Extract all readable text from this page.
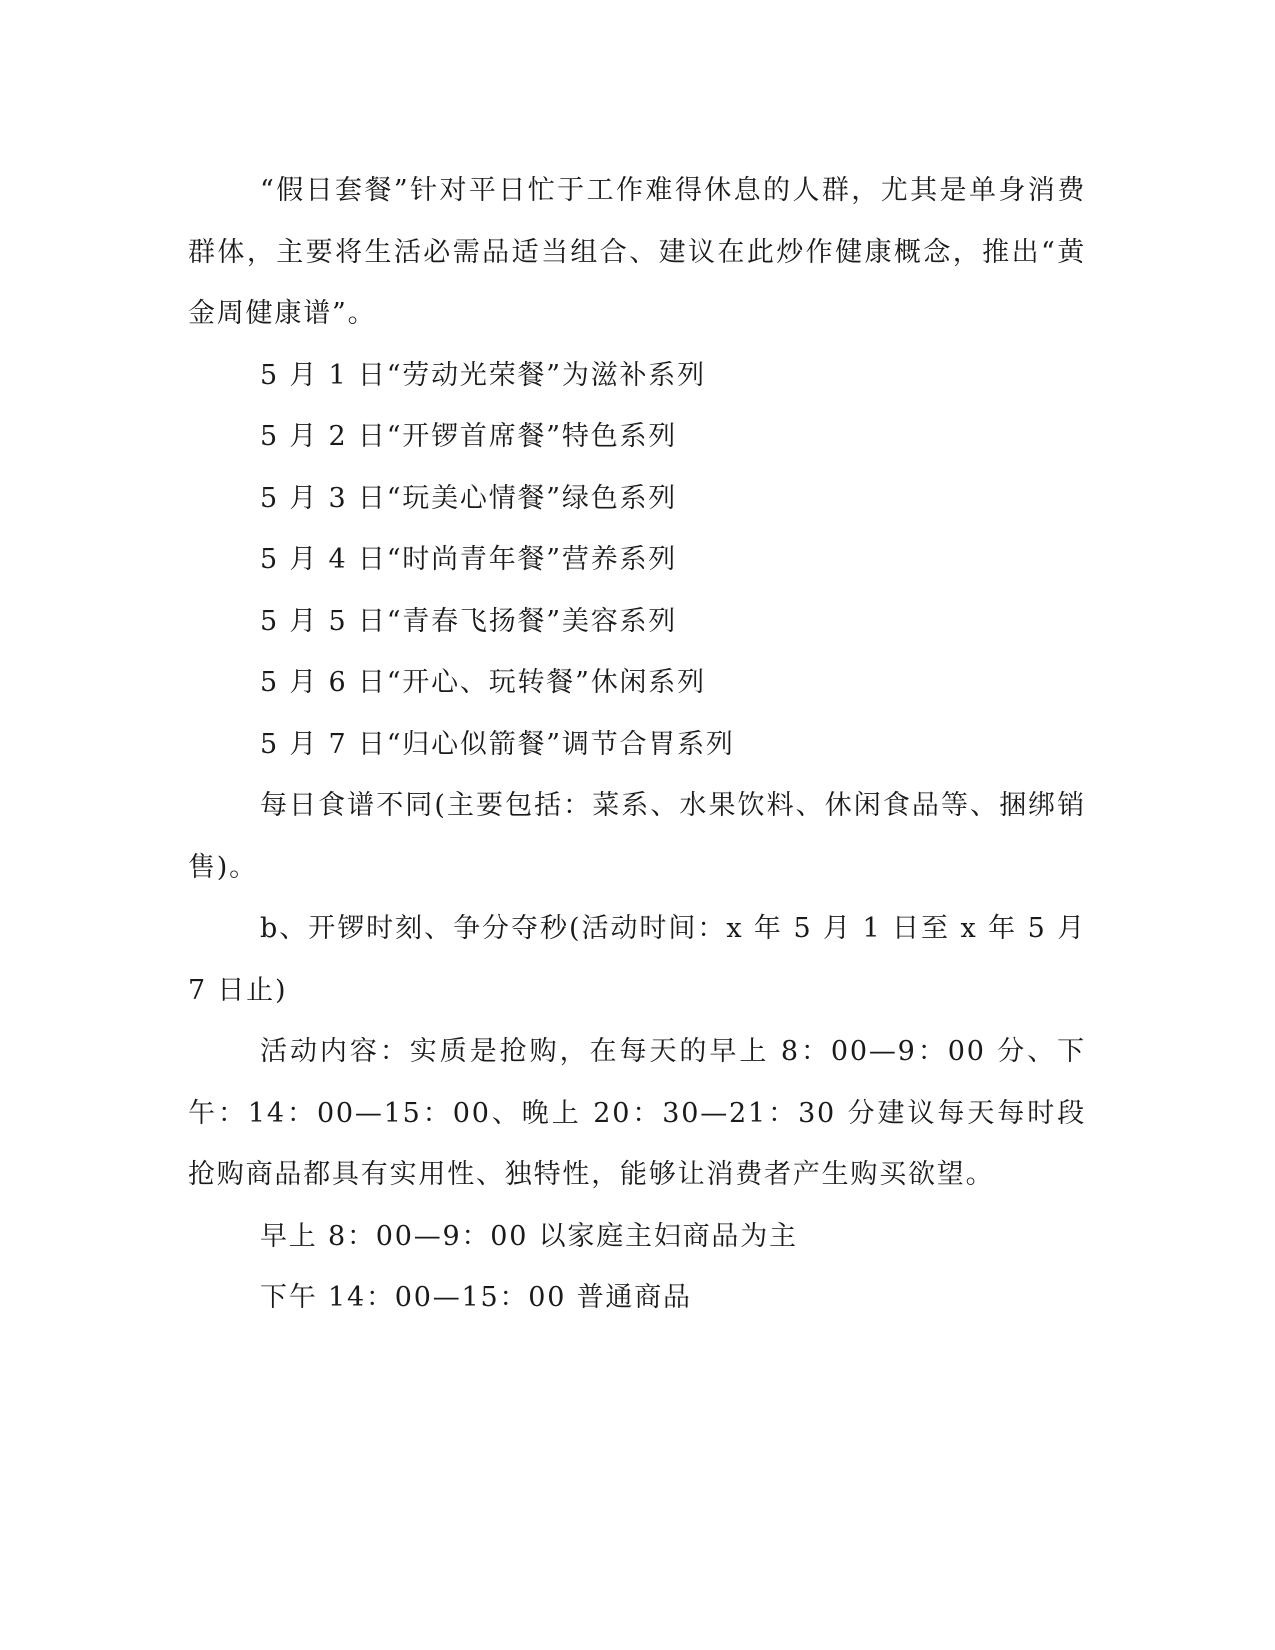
“假日套餐”针对平日忙于工作难得休息的人群，尤其是单身消费群体，主要将生活必需品适当组合、建议在此炒作健康概念，推出“黄金周健康谱”。

5 月 1 日“劳动光荣餐”为滋补系列

5 月 2 日“开锣首席餐”特色系列

5 月 3 日“玩美心情餐”绿色系列

5 月 4 日“时尚青年餐”营养系列

5 月 5 日“青春飞扬餐”美容系列

5 月 6 日“开心、玩转餐”休闲系列

5 月 7 日“归心似箭餐”调节合胃系列

每日食谱不同(主要包括：菜系、水果饮料、休闲食品等、捆绑销售)。

b、开锣时刻、争分夺秒(活动时间：x 年 5 月 1 日至 x 年 5 月 7 日止)

活动内容：实质是抢购，在每天的早上 8：00—9：00 分、下午：14：00—15：00、晚上 20：30—21：30 分建议每天每时段抢购商品都具有实用性、独特性，能够让消费者产生购买欲望。

早上 8：00—9：00 以家庭主妇商品为主

下午 14：00—15：00 普通商品
